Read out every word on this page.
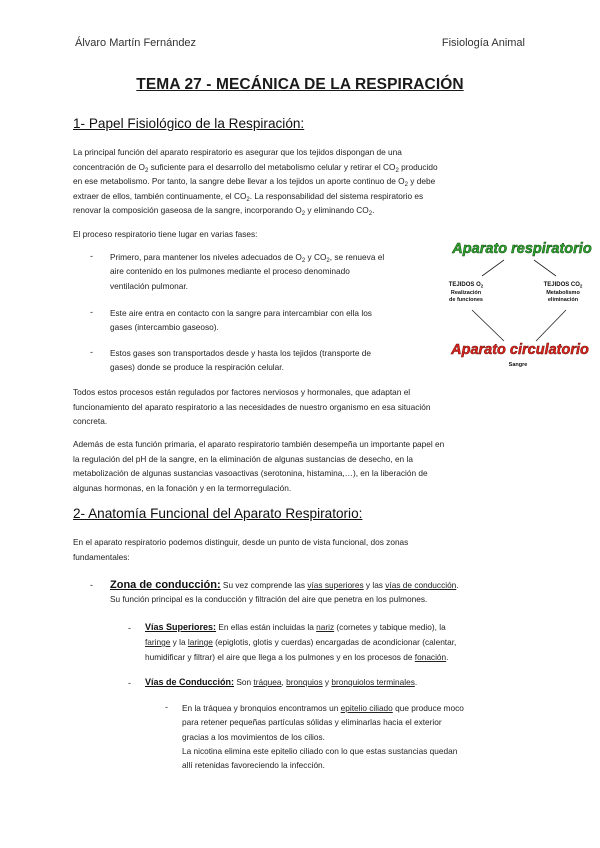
Álvaro Martín Fernández	Fisiología Animal
TEMA 27 - MECÁNICA DE LA RESPIRACIÓN
1- Papel Fisiológico de la Respiración:
La principal función del aparato respiratorio es asegurar que los tejidos dispongan de una
concentración de $O_2$ suficiente para el desarrollo del metabolismo celular y retirar el $CO_2$ producido
en ese metabolismo. Por tanto, la sangre debe llevar a los tejidos un aporte continuo de $O_2$ y debe
extraer de ellos, también continuamente, el $CO_2$. La responsabilidad del sistema respiratorio es
renovar la composición gaseosa de la sangre, incorporando $O_2$ y eliminando $CO_2$.
El proceso respiratorio tiene lugar en varias fases:
- Primero, para mantener los niveles adecuados de $O_2$ y $CO_2$, se renueva el
aire contenido en los pulmones mediante el proceso denominado
ventilación pulmonar.
- Este aire entra en contacto con la sangre para intercambiar con ella los
gases (intercambio gaseoso).
- Estos gases son transportados desde y hasta los tejidos (transporte de
gases) donde se produce la respiración celular.
Aparato respiratorio
TEJIDOS $O_2$
Realización
de funciones
TEJIDOS $CO_2$
Metabolismo
eliminación
Aparato circulatorio
Sangre
Todos estos procesos están regulados por factores nerviosos y hormonales, que adaptan el
funcionamiento del aparato respiratorio a las necesidades de nuestro organismo en esa situación
concreta.
Además de esta función primaria, el aparato respiratorio también desempeña un importante papel en
la regulación del pH de la sangre, en la eliminación de algunas sustancias de desecho, en la
metabolización de algunas sustancias vasoactivas (serotonina, histamina,…), en la liberación de
algunas hormonas, en la fonación y en la termorregulación.
2- Anatomía Funcional del Aparato Respiratorio:
En el aparato respiratorio podemos distinguir, desde un punto de vista funcional, dos zonas
fundamentales:
- Zona de conducción: Su vez comprende las vías superiores y las vías de conducción.
Su función principal es la conducción y filtración del aire que penetra en los pulmones.
- Vías Superiores: En ellas están incluidas la nariz (cornetes y tabique medio), la
faringe y la laringe (epiglotis, glotis y cuerdas) encargadas de acondicionar (calentar,
humidificar y filtrar) el aire que llega a los pulmones y en los procesos de fonación.
- Vías de Conducción: Son tráquea, bronquios y bronquiolos terminales.
- En la tráquea y bronquios encontramos un epitelio ciliado que produce moco
para retener pequeñas partículas sólidas y eliminarlas hacia el exterior
gracias a los movimientos de los cilios.
La nicotina elimina este epitelio ciliado con lo que estas sustancias quedan
allí retenidas favoreciendo la infección.
